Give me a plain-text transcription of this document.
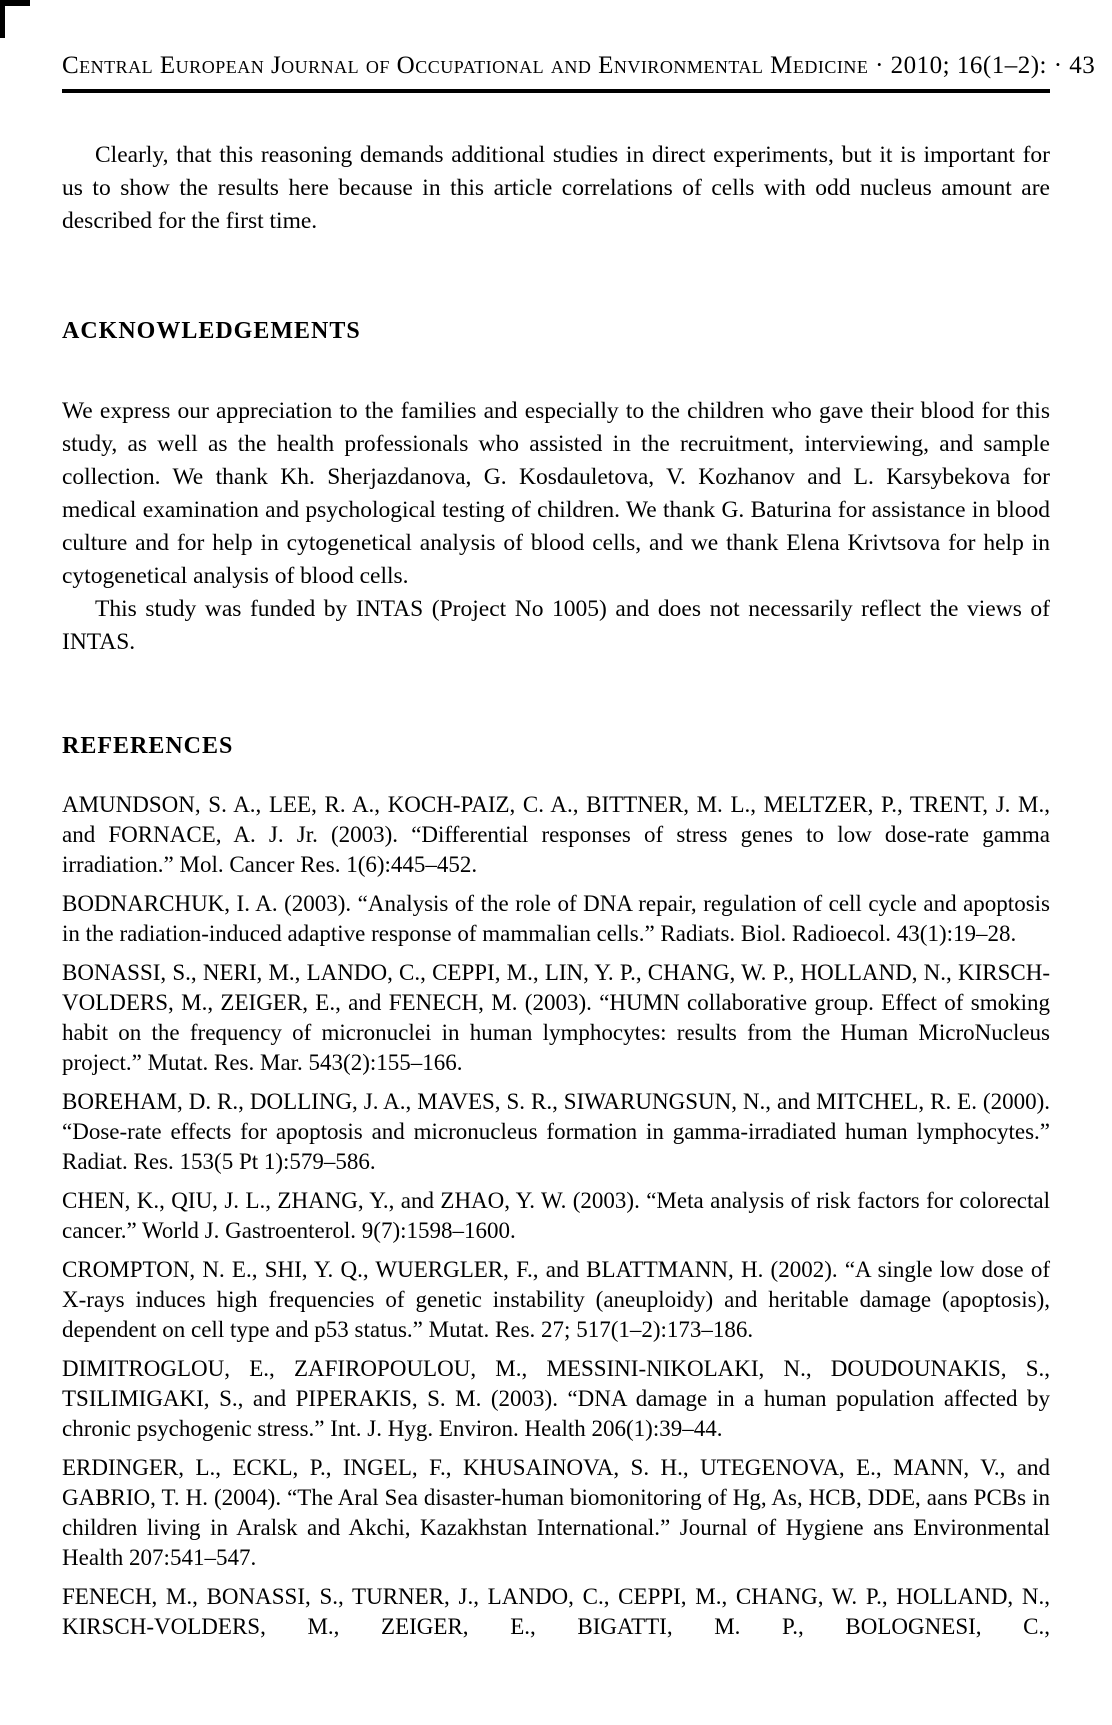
Central European Journal of Occupational and Environmental Medicine · 2010; 16(1–2): · 43

Clearly, that this reasoning demands additional studies in direct experiments, but it is important for us to show the results here because in this article correlations of cells with odd nucleus amount are described for the first time.

ACKNOWLEDGEMENTS

We express our appreciation to the families and especially to the children who gave their blood for this study, as well as the health professionals who assisted in the recruitment, interviewing, and sample collection. We thank Kh. Sherjazdanova, G. Kosdauletova, V. Kozhanov and L. Karsybekova for medical examination and psychological testing of children. We thank G. Baturina for assistance in blood culture and for help in cytogenetical analysis of blood cells, and we thank Elena Krivtsova for help in cytogenetical analysis of blood cells.

This study was funded by INTAS (Project No 1005) and does not necessarily reflect the views of INTAS.

REFERENCES

AMUNDSON, S. A., LEE, R. A., KOCH-PAIZ, C. A., BITTNER, M. L., MELTZER, P., TRENT, J. M., and FORNACE, A. J. Jr. (2003). “Differential responses of stress genes to low dose-rate gamma irradiation.” Mol. Cancer Res. 1(6):445–452.

BODNARCHUK, I. A. (2003). “Analysis of the role of DNA repair, regulation of cell cycle and apoptosis in the radiation-induced adaptive response of mammalian cells.” Radiats. Biol. Radioecol. 43(1):19–28.

BONASSI, S., NERI, M., LANDO, C., CEPPI, M., LIN, Y. P., CHANG, W. P., HOLLAND, N., KIRSCH-VOLDERS, M., ZEIGER, E., and FENECH, M. (2003). “HUMN collaborative group. Effect of smoking habit on the frequency of micronuclei in human lymphocytes: results from the Human MicroNucleus project.” Mutat. Res. Mar. 543(2):155–166.

BOREHAM, D. R., DOLLING, J. A., MAVES, S. R., SIWARUNGSUN, N., and MITCHEL, R. E. (2000). “Dose-rate effects for apoptosis and micronucleus formation in gamma-irradiated human lymphocytes.” Radiat. Res. 153(5 Pt 1):579–586.

CHEN, K., QIU, J. L., ZHANG, Y., and ZHAO, Y. W. (2003). “Meta analysis of risk factors for colorectal cancer.” World J. Gastroenterol. 9(7):1598–1600.

CROMPTON, N. E., SHI, Y. Q., WUERGLER, F., and BLATTMANN, H. (2002). “A single low dose of X-rays induces high frequencies of genetic instability (aneuploidy) and heritable damage (apoptosis), dependent on cell type and p53 status.” Mutat. Res. 27; 517(1–2):173–186.

DIMITROGLOU, E., ZAFIROPOULOU, M., MESSINI-NIKOLAKI, N., DOUDOUNAKIS, S., TSILIMIGAKI, S., and PIPERAKIS, S. M. (2003). “DNA damage in a human population affected by chronic psychogenic stress.” Int. J. Hyg. Environ. Health 206(1):39–44.

ERDINGER, L., ECKL, P., INGEL, F., KHUSAINOVA, S. H., UTEGENOVA, E., MANN, V., and GABRIO, T. H. (2004). “The Aral Sea disaster-human biomonitoring of Hg, As, HCB, DDE, aans PCBs in children living in Aralsk and Akchi, Kazakhstan International.” Journal of Hygiene ans Environmental Health 207:541–547.

FENECH, M., BONASSI, S., TURNER, J., LANDO, C., CEPPI, M., CHANG, W. P., HOLLAND, N., KIRSCH-VOLDERS, M., ZEIGER, E., BIGATTI, M. P., BOLOGNESI, C.,
